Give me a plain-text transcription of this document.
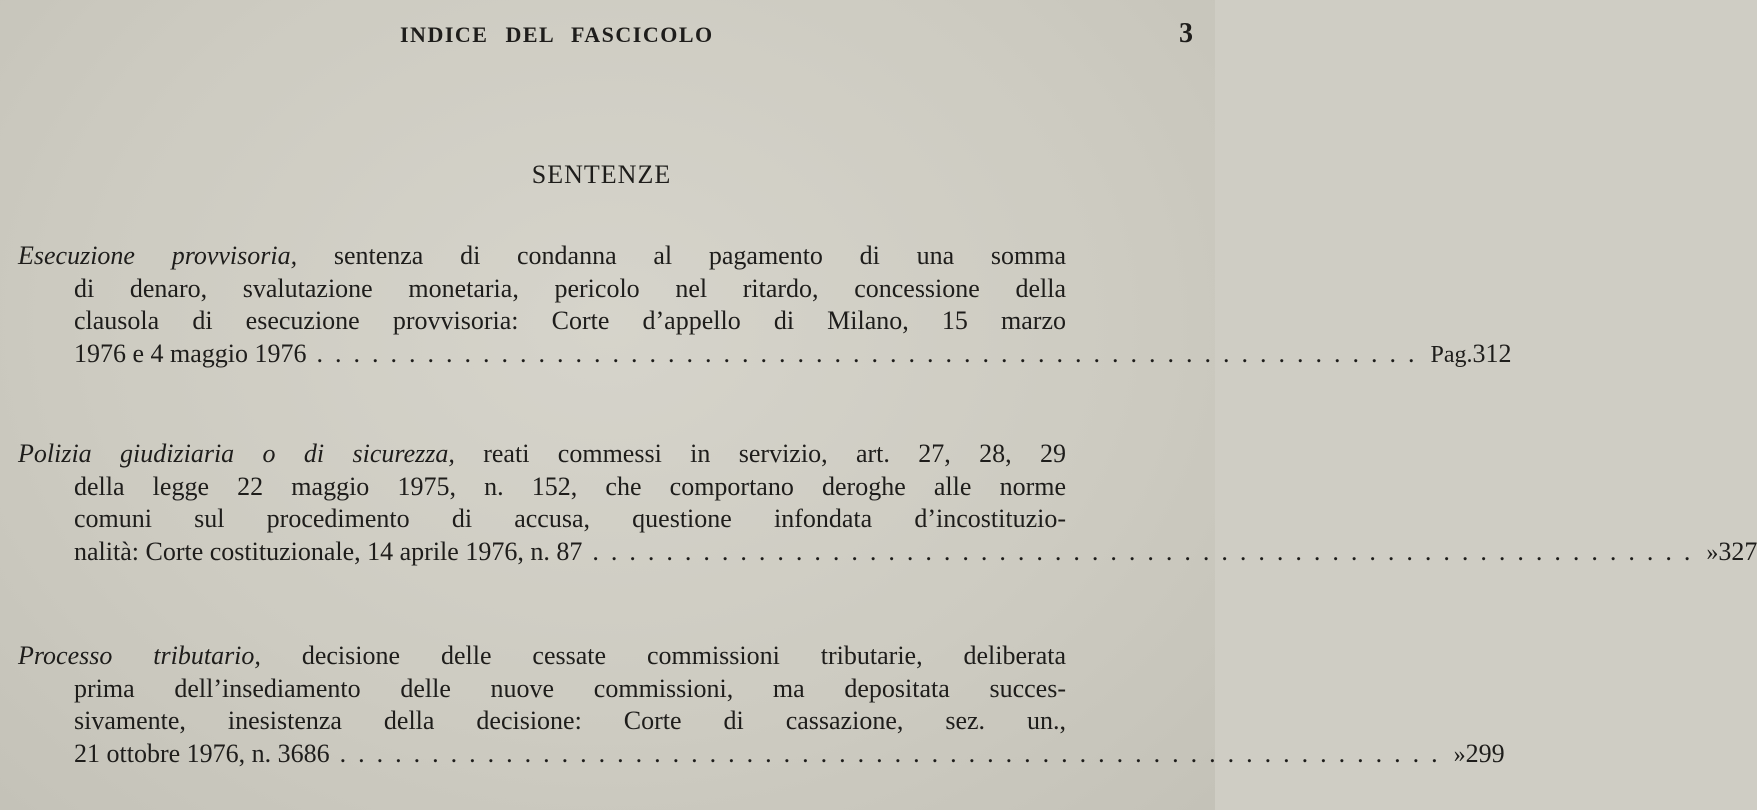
INDICE DEL FASCICOLO	3
SENTENZE
Esecuzione provvisoria, sentenza di condanna al pagamento di una somma
di denaro, svalutazione monetaria, pericolo nel ritardo, concessione della
clausola di esecuzione provvisoria: Corte d’appello di Milano, 15 marzo
1976 e 4 maggio 1976 ............................................................ Pag. 312
Polizia giudiziaria o di sicurezza, reati commessi in servizio, art. 27, 28, 29
della legge 22 maggio 1975, n. 152, che comportano deroghe alle norme
comuni sul procedimento di accusa, questione infondata d’incostituzio-
nalità: Corte costituzionale, 14 aprile 1976, n. 87 ............................................................ » 327
Processo tributario, decisione delle cessate commissioni tributarie, deliberata
prima dell’insediamento delle nuove commissioni, ma depositata succes-
sivamente, inesistenza della decisione: Corte di cassazione, sez. un.,
21 ottobre 1976, n. 3686 ............................................................ » 299
